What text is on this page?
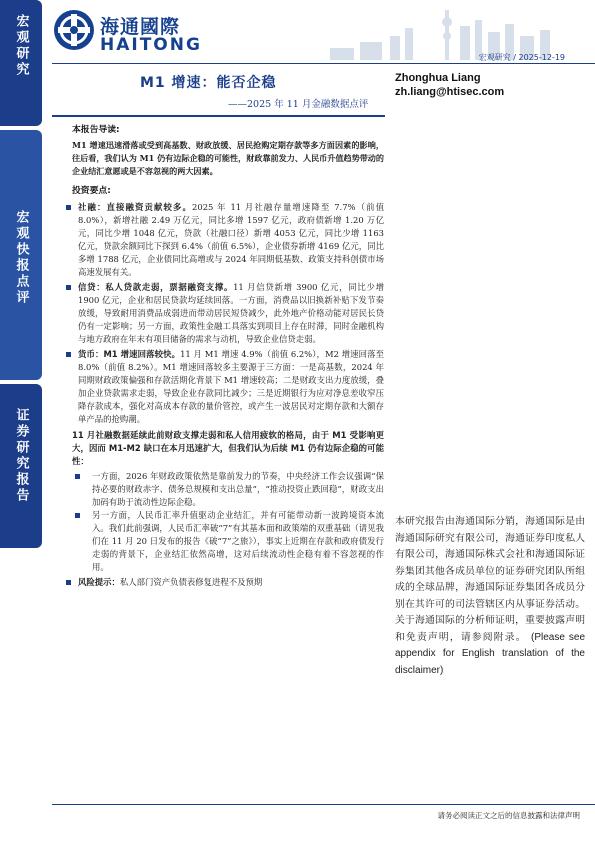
宏观研究
宏观快报点评
证券研究报告
海通國際
HAITONG
宏观研究 / 2025-12-19
M1 增速：能否企稳
——2025 年 11 月金融数据点评
Zhonghua Liang
zh.liang@htisec.com

本报告导读:

M1 增速迅速滑落或受到高基数、财政放缓、居民抢购定期存款等多方面因素的影响，往后看，我们认为 M1 仍有边际企稳的可能性，财政靠前发力、人民币升值趋势带动的企业结汇意愿或是不容忽视的两大因素。

投资要点:

社融：直接融资贡献较多。2025 年 11 月社融存量增速降至 7.7%（前值 8.0%），新增社融 2.49 万亿元，同比多增 1597 亿元，政府债新增 1.20 万亿元，同比少增 1048 亿元，贷款（社融口径）新增 4053 亿元，同比少增 1163 亿元，贷款余额同比下探到 6.4%（前值 6.5%），企业债券新增 4169 亿元，同比多增 1788 亿元，企业债同比高增或与 2024 年同期低基数、政策支持科创债市场高速发展有关。
信贷：私人贷款走弱，票据融资支撑。11 月信贷新增 3900 亿元，同比少增 1900 亿元，企业和居民贷款均延续回落。一方面，消费品以旧换新补贴下发节奏放缓，导致耐用消费品成弱进而带动居民短贷减少，此外地产价格动能对居民长贷仍有一定影响；另一方面，政策性金融工具落实到项目上存在时滞，同时金融机构与地方政府在年末有项目储备的需求与动机，导致企业信贷走弱。
货币：M1 增速回落较快。11 月 M1 增速 4.9%（前值 6.2%），M2 增速回落至 8.0%（前值 8.2%）。M1 增速回落较多主要源于三方面：一是高基数，2024 年同期财政政策偏强和存款活期化背景下 M1 增速较高；二是财政支出力度放缓，叠加企业贷款需求走弱，导致企业存款同比减少；三是近期银行为应对净息差收窄压降存款成本，强化对高成本存款的量价管控，或产生一波居民对定期存款和大额存单产品的抢购潮。

11 月社融数据延续此前财政支撑走弱和私人信用疲软的格局，由于 M1 受影响更大，因而 M1-M2 缺口在本月迅速扩大，但我们认为后续 M1 仍有边际企稳的可能性：

一方面，2026 年财政政策依然是靠前发力的节奏，中央经济工作会议强调“保持必要的财政赤字、债务总规模和支出总量”，“推动投资止跌回稳”，财政支出加码有助于流动性边际企稳。
另一方面，人民币汇率升值驱动企业结汇，并有可能带动新一波跨境资本流入。我们此前强调，人民币汇率破“7”有其基本面和政策端的双重基础（请见我们在 11 月 20 日发布的报告《破“7”之旅》），事实上近期在存款和政府债发行走弱的背景下，企业结汇依然高增，这对后续流动性企稳有着不容忽视的作用。
风险提示：私人部门资产负债表修复进程不及预期
本研究报告由海通国际分销，海通国际是由海通国际研究有限公司，海通证券印度私人有限公司，海通国际株式会社和海通国际证券集团其他各成员单位的证券研究团队所组成的全球品牌，海通国际证券集团各成员分别在其许可的司法管辖区内从事证券活动。关于海通国际的分析师证明，重要披露声明和免责声明，请参阅附录。 (Please see appendix for English translation of the disclaimer)
请务必阅读正文之后的信息披露和法律声明
